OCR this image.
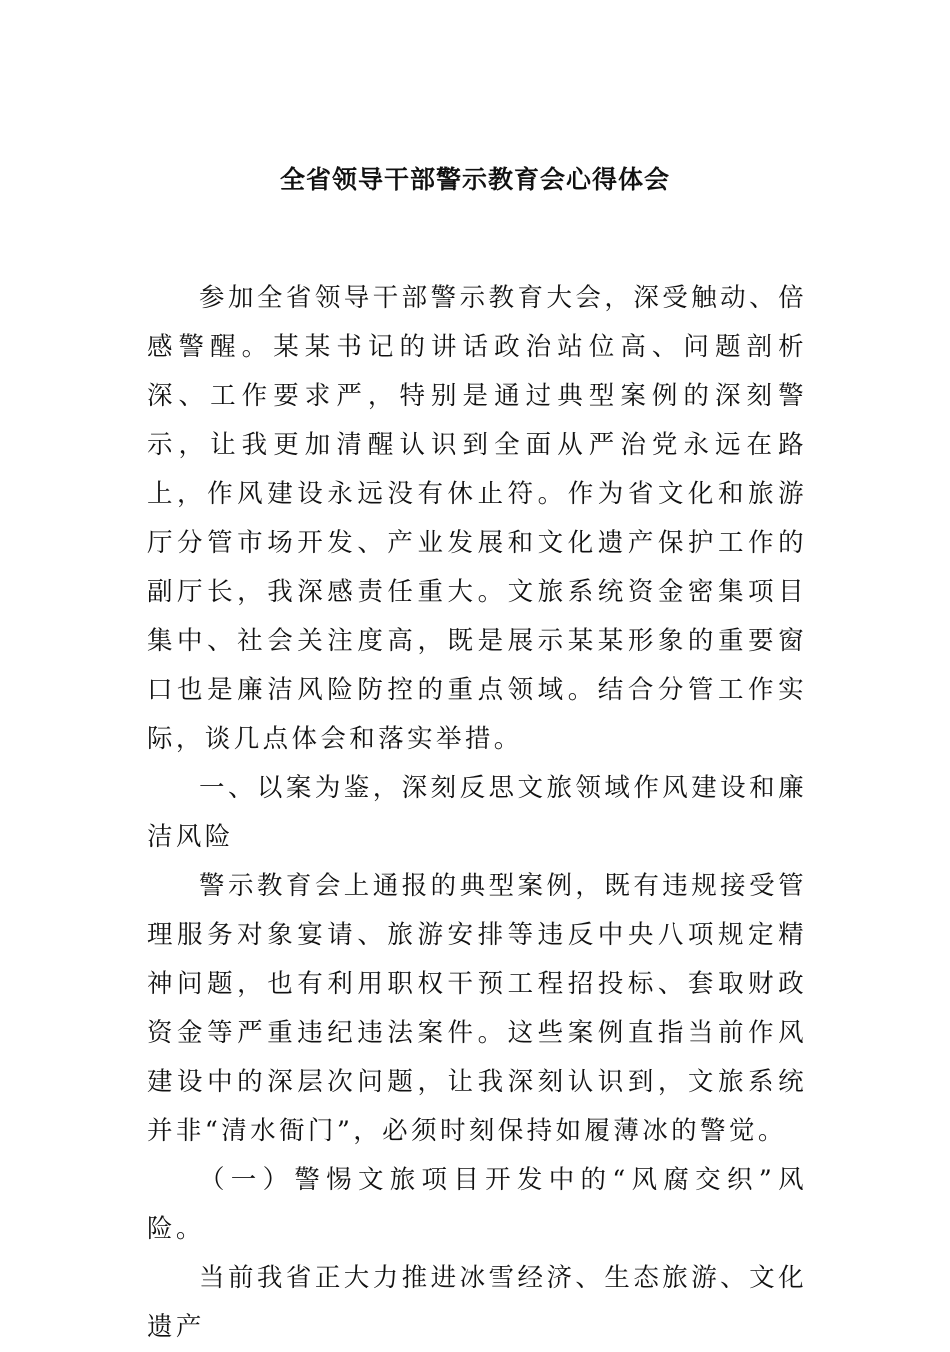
全省领导干部警示教育会心得体会

参加全省领导干部警示教育大会，深受触动、倍感警醒。某某书记的讲话政治站位高、问题剖析深、工作要求严，特别是通过典型案例的深刻警示，让我更加清醒认识到全面从严治党永远在路上，作风建设永远没有休止符。作为省文化和旅游厅分管市场开发、产业发展和文化遗产保护工作的副厅长，我深感责任重大。文旅系统资金密集项目集中、社会关注度高，既是展示某某形象的重要窗口也是廉洁风险防控的重点领域。结合分管工作实际，谈几点体会和落实举措。

一、以案为鉴，深刻反思文旅领域作风建设和廉洁风险

警示教育会上通报的典型案例，既有违规接受管理服务对象宴请、旅游安排等违反中央八项规定精神问题，也有利用职权干预工程招投标、套取财政资金等严重违纪违法案件。这些案例直指当前作风建设中的深层次问题，让我深刻认识到，文旅系统并非“清水衙门”，必须时刻保持如履薄冰的警觉。

（一）警惕文旅项目开发中的“风腐交织”风险。

当前我省正大力推进冰雪经济、生态旅游、文化遗产
